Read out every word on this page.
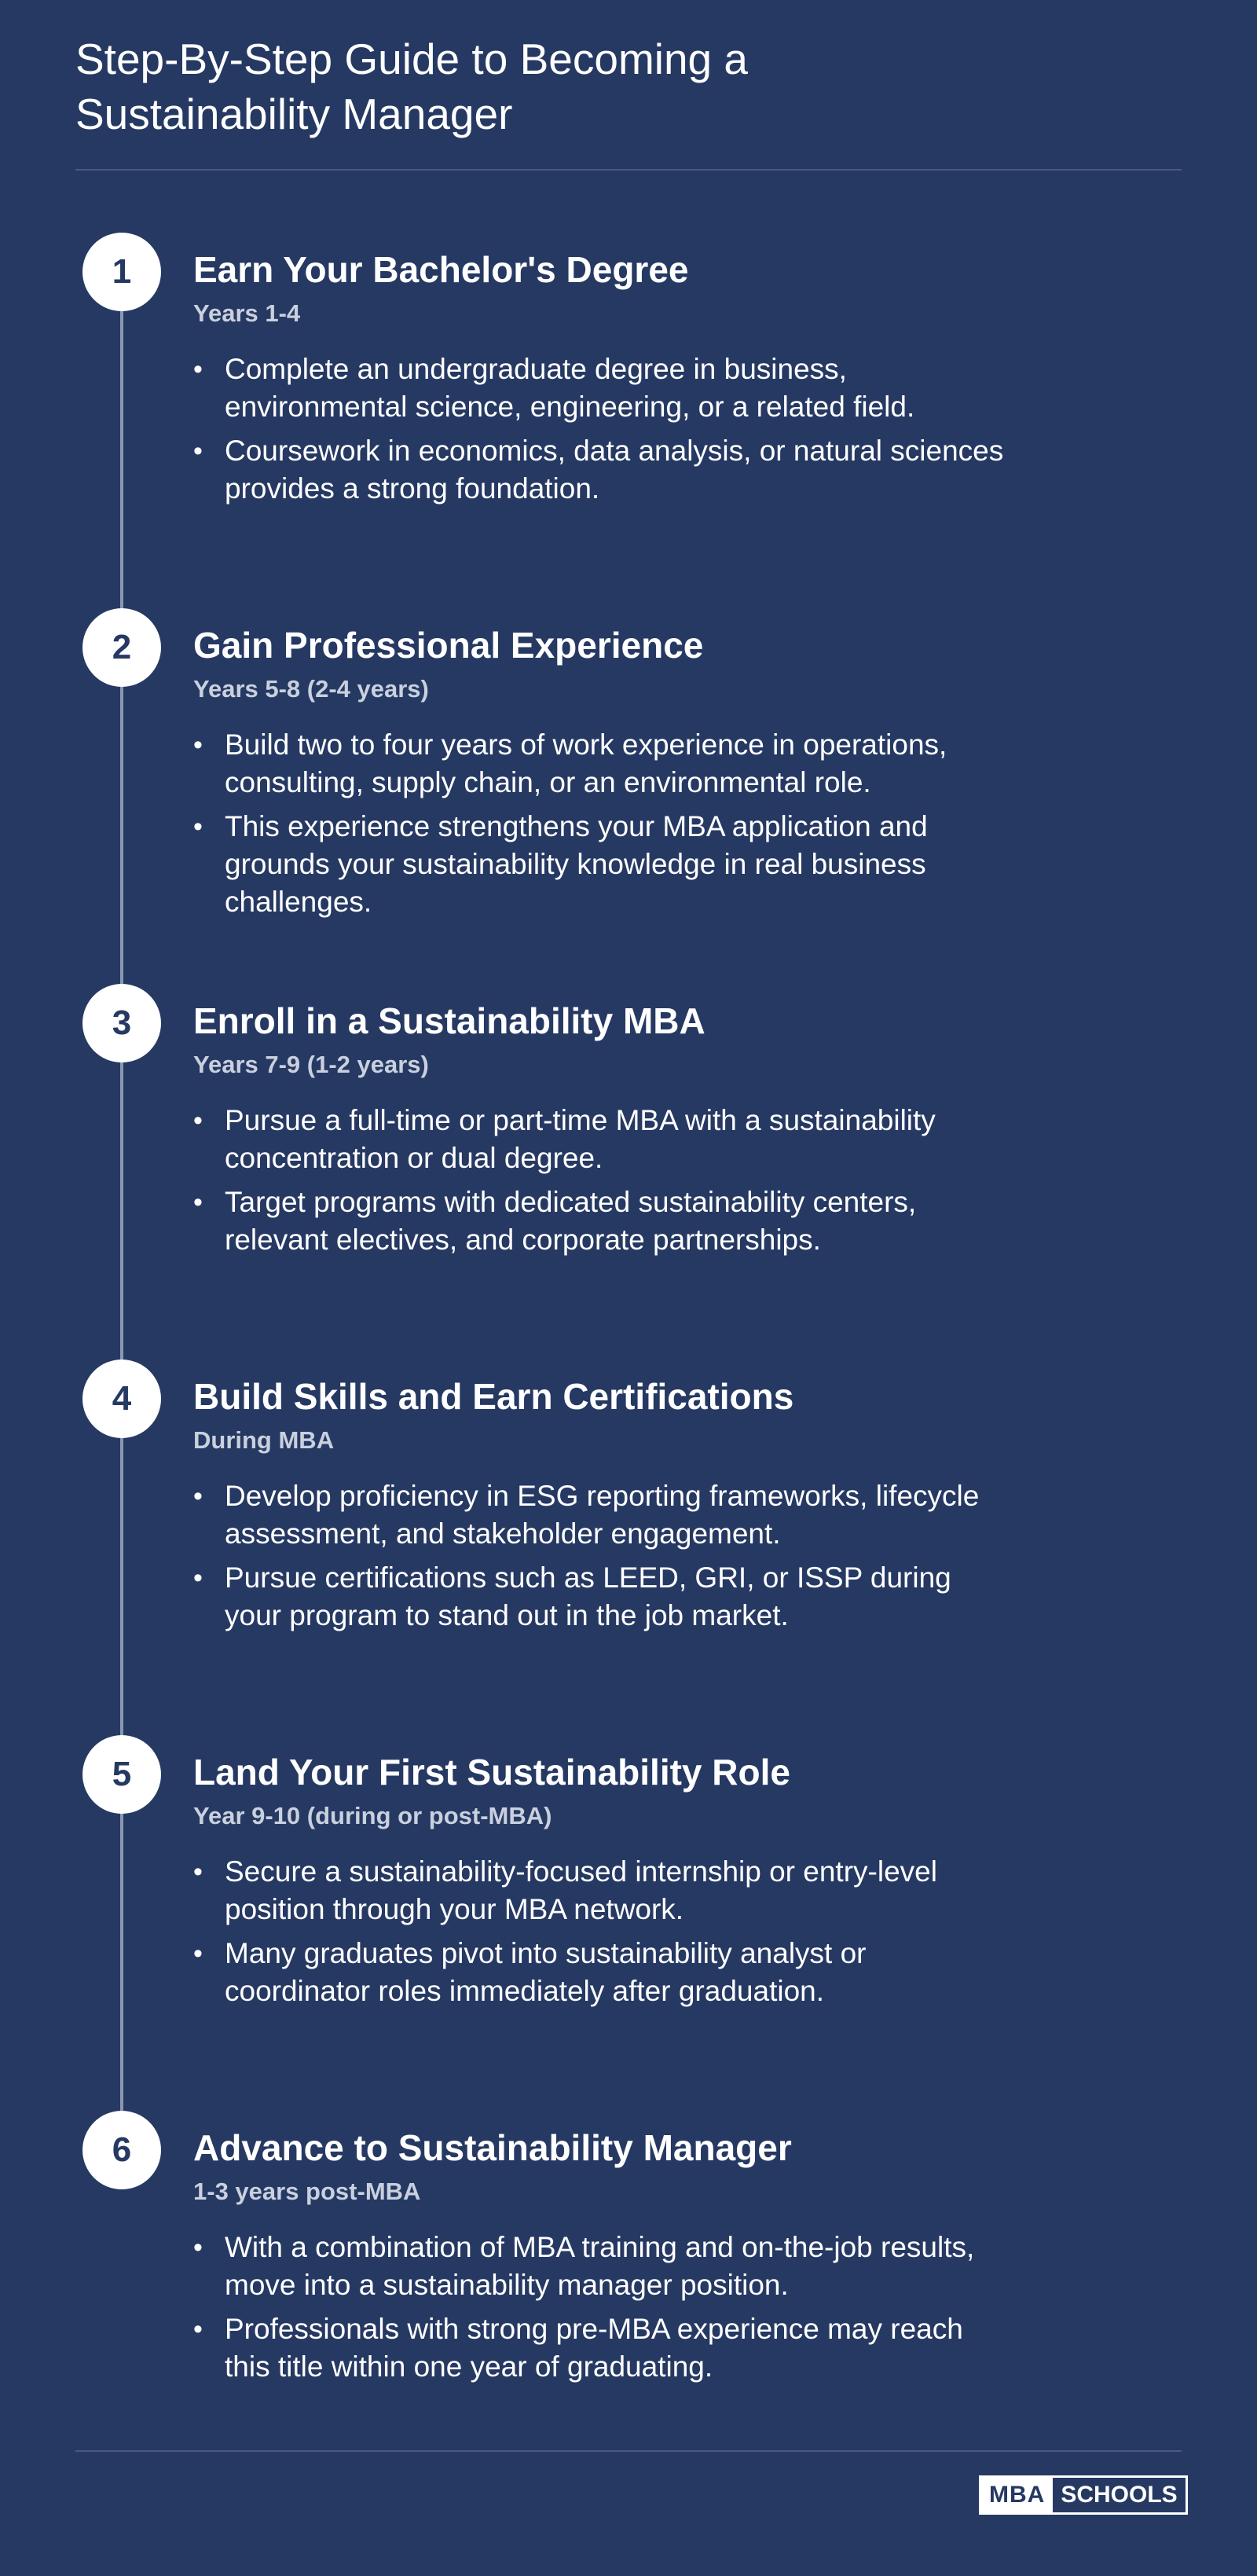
Step-By-Step Guide to Becoming a
Sustainability Manager
1	Earn Your Bachelor's Degree
Years 1-4
• Complete an undergraduate degree in business, environmental science, engineering, or a related field.
• Coursework in economics, data analysis, or natural sciences provides a strong foundation.
2	Gain Professional Experience
Years 5-8 (2-4 years)
• Build two to four years of work experience in operations, consulting, supply chain, or an environmental role.
• This experience strengthens your MBA application and grounds your sustainability knowledge in real business challenges.
3	Enroll in a Sustainability MBA
Years 7-9 (1-2 years)
• Pursue a full-time or part-time MBA with a sustainability concentration or dual degree.
• Target programs with dedicated sustainability centers, relevant electives, and corporate partnerships.
4	Build Skills and Earn Certifications
During MBA
• Develop proficiency in ESG reporting frameworks, lifecycle assessment, and stakeholder engagement.
• Pursue certifications such as LEED, GRI, or ISSP during your program to stand out in the job market.
5	Land Your First Sustainability Role
Year 9-10 (during or post-MBA)
• Secure a sustainability-focused internship or entry-level position through your MBA network.
• Many graduates pivot into sustainability analyst or coordinator roles immediately after graduation.
6	Advance to Sustainability Manager
1-3 years post-MBA
• With a combination of MBA training and on-the-job results, move into a sustainability manager position.
• Professionals with strong pre-MBA experience may reach this title within one year of graduating.
MBA SCHOOLS
